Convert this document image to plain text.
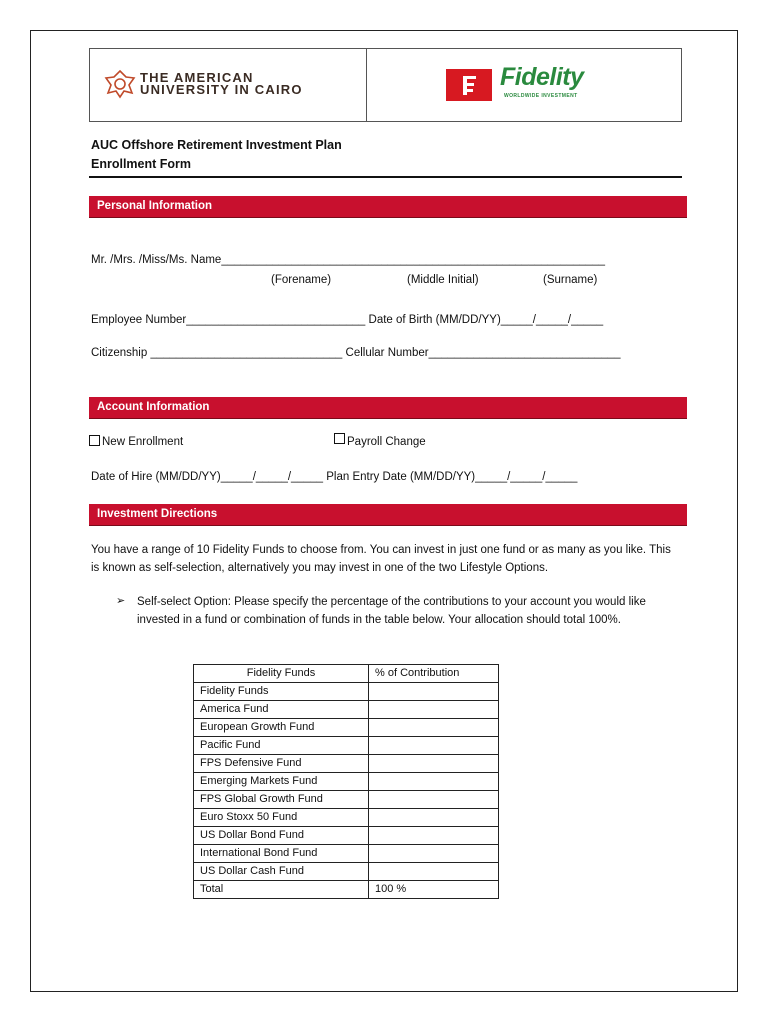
THE AMERICAN
UNIVERSITY IN CAIRO	Fidelity
WORLDWIDE INVESTMENT
AUC Offshore Retirement Investment Plan
Enrollment Form
Personal Information
Mr. /Mrs. /Miss/Ms. Name____________________________________________________________
(Forename)	(Middle Initial)	(Surname)
Employee Number____________________________ Date of Birth (MM/DD/YY)_____/_____/_____
Citizenship ______________________________ Cellular Number______________________________
Account Information
New Enrollment	Payroll Change
Date of Hire (MM/DD/YY)_____/_____/_____ Plan Entry Date (MM/DD/YY)_____/_____/_____
Investment Directions
You have a range of 10 Fidelity Funds to choose from. You can invest in just one fund or as many as you like. This is known as self-selection, alternatively you may invest in one of the two Lifestyle Options.
➢ Self-select Option: Please specify the percentage of the contributions to your account you would like invested in a fund or combination of funds in the table below. Your allocation should total 100%.
Fidelity Funds	% of Contribution
Fidelity Funds	
America Fund	
European Growth Fund	
Pacific Fund	
FPS Defensive Fund	
Emerging Markets Fund	
FPS Global Growth Fund	
Euro Stoxx 50 Fund	
US Dollar Bond Fund	
International Bond Fund	
US Dollar Cash Fund	
Total	100 %
